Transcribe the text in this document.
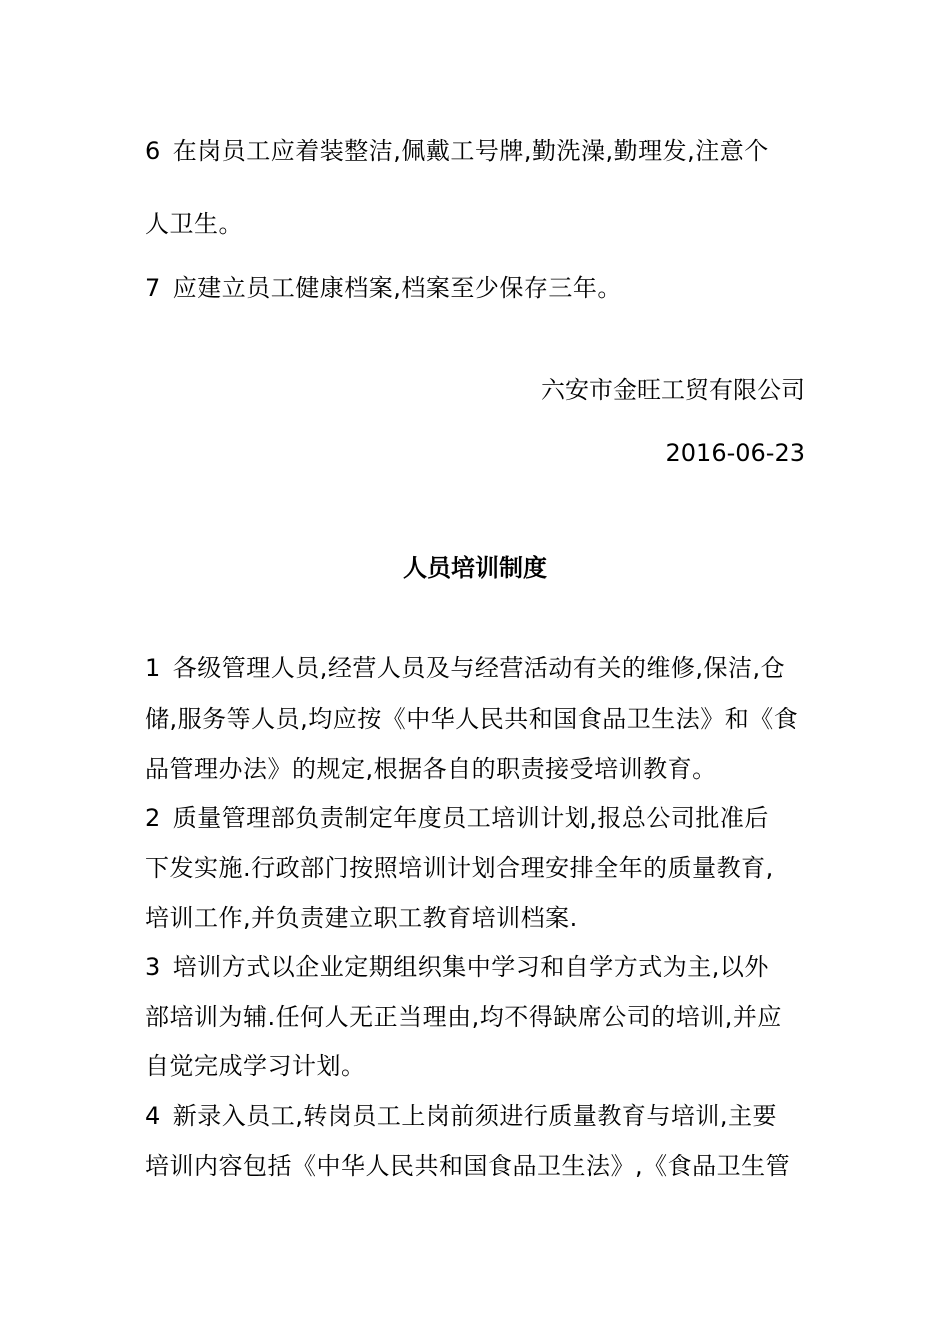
6 在岗员工应着装整洁,佩戴工号牌,勤洗澡,勤理发,注意个
人卫生。
7 应建立员工健康档案,档案至少保存三年。
六安市金旺工贸有限公司
2016-06-23
人员培训制度
1 各级管理人员,经营人员及与经营活动有关的维修,保洁,仓
储,服务等人员,均应按《中华人民共和国食品卫生法》和《食
品管理办法》的规定,根据各自的职责接受培训教育。
2 质量管理部负责制定年度员工培训计划,报总公司批准后
下发实施.行政部门按照培训计划合理安排全年的质量教育,
培训工作,并负责建立职工教育培训档案.
3 培训方式以企业定期组织集中学习和自学方式为主,以外
部培训为辅.任何人无正当理由,均不得缺席公司的培训,并应
自觉完成学习计划。
4 新录入员工,转岗员工上岗前须进行质量教育与培训,主要
培训内容包括《中华人民共和国食品卫生法》,《食品卫生管
